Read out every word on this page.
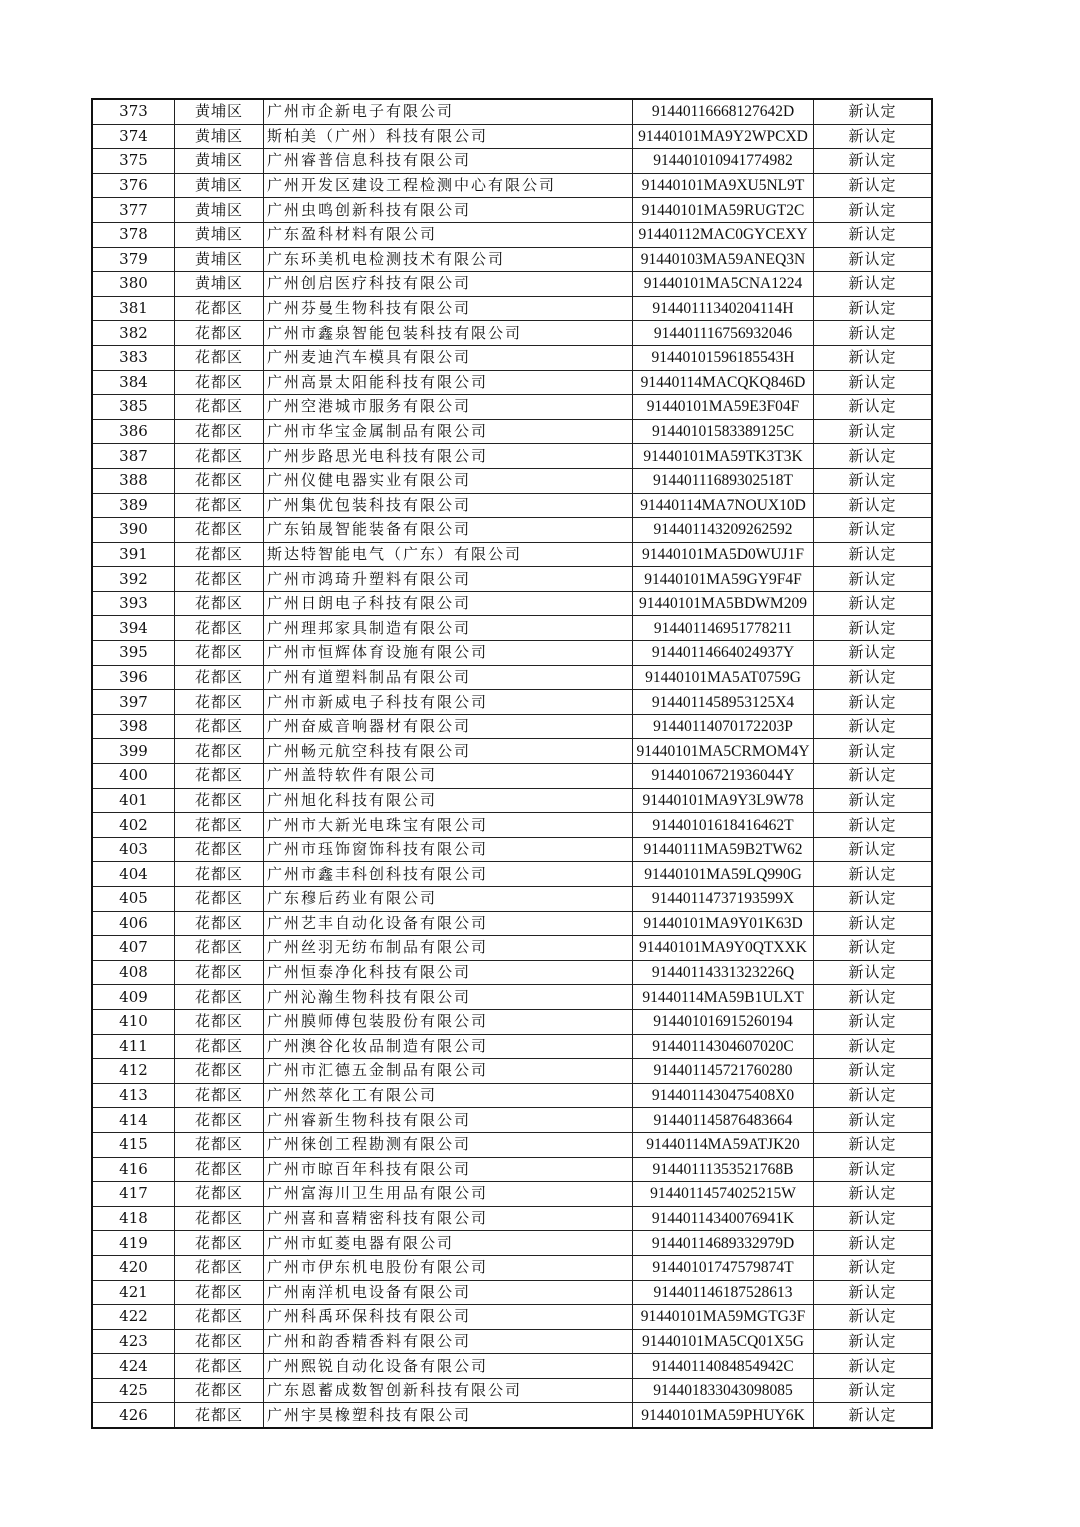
373	黄埔区	广州市企新电子有限公司	91440116668127642D	新认定
374	黄埔区	斯柏美（广州）科技有限公司	91440101MA9Y2WPCXD	新认定
375	黄埔区	广州睿普信息科技有限公司	914401010941774982	新认定
376	黄埔区	广州开发区建设工程检测中心有限公司	91440101MA9XU5NL9T	新认定
377	黄埔区	广州虫鸣创新科技有限公司	91440101MA59RUGT2C	新认定
378	黄埔区	广东盈科材料有限公司	91440112MAC0GYCEXY	新认定
379	黄埔区	广东环美机电检测技术有限公司	91440103MA59ANEQ3N	新认定
380	黄埔区	广州创启医疗科技有限公司	91440101MA5CNA1224	新认定
381	花都区	广州芬曼生物科技有限公司	91440111340204114H	新认定
382	花都区	广州市鑫泉智能包装科技有限公司	914401116756932046	新认定
383	花都区	广州麦迪汽车模具有限公司	91440101596185543H	新认定
384	花都区	广州高景太阳能科技有限公司	91440114MACQKQ846D	新认定
385	花都区	广州空港城市服务有限公司	91440101MA59E3F04F	新认定
386	花都区	广州市华宝金属制品有限公司	91440101583389125C	新认定
387	花都区	广州步路思光电科技有限公司	91440101MA59TK3T3K	新认定
388	花都区	广州仪健电器实业有限公司	91440111689302518T	新认定
389	花都区	广州集优包装科技有限公司	91440114MA7NOUX10D	新认定
390	花都区	广东铂晟智能装备有限公司	914401143209262592	新认定
391	花都区	斯达特智能电气（广东）有限公司	91440101MA5D0WUJ1F	新认定
392	花都区	广州市鸿琦升塑料有限公司	91440101MA59GY9F4F	新认定
393	花都区	广州日朗电子科技有限公司	91440101MA5BDWM209	新认定
394	花都区	广州理邦家具制造有限公司	914401146951778211	新认定
395	花都区	广州市恒辉体育设施有限公司	91440114664024937Y	新认定
396	花都区	广州有道塑料制品有限公司	91440101MA5AT0759G	新认定
397	花都区	广州市新威电子科技有限公司	9144011458953125X4	新认定
398	花都区	广州奋威音响器材有限公司	91440114070172203P	新认定
399	花都区	广州畅元航空科技有限公司	91440101MA5CRMOM4Y	新认定
400	花都区	广州盖特软件有限公司	91440106721936044Y	新认定
401	花都区	广州旭化科技有限公司	91440101MA9Y3L9W78	新认定
402	花都区	广州市大新光电珠宝有限公司	91440101618416462T	新认定
403	花都区	广州市珏饰窗饰科技有限公司	91440111MA59B2TW62	新认定
404	花都区	广州市鑫丰科创科技有限公司	91440101MA59LQ990G	新认定
405	花都区	广东穆后药业有限公司	91440114737193599X	新认定
406	花都区	广州艺丰自动化设备有限公司	91440101MA9Y01K63D	新认定
407	花都区	广州丝羽无纺布制品有限公司	91440101MA9Y0QTXXK	新认定
408	花都区	广州恒泰净化科技有限公司	91440114331323226Q	新认定
409	花都区	广州沁瀚生物科技有限公司	91440114MA59B1ULXT	新认定
410	花都区	广州膜师傅包装股份有限公司	914401016915260194	新认定
411	花都区	广州澳谷化妆品制造有限公司	91440114304607020C	新认定
412	花都区	广州市汇德五金制品有限公司	914401145721760280	新认定
413	花都区	广州然萃化工有限公司	9144011430475408X0	新认定
414	花都区	广州睿新生物科技有限公司	914401145876483664	新认定
415	花都区	广州徕创工程勘测有限公司	91440114MA59ATJK20	新认定
416	花都区	广州市晾百年科技有限公司	91440111353521768B	新认定
417	花都区	广州富海川卫生用品有限公司	91440114574025215W	新认定
418	花都区	广州喜和喜精密科技有限公司	91440114340076941K	新认定
419	花都区	广州市虹菱电器有限公司	91440114689332979D	新认定
420	花都区	广州市伊东机电股份有限公司	91440101747579874T	新认定
421	花都区	广州南洋机电设备有限公司	914401146187528613	新认定
422	花都区	广州科禹环保科技有限公司	91440101MA59MGTG3F	新认定
423	花都区	广州和韵香精香料有限公司	91440101MA5CQ01X5G	新认定
424	花都区	广州熙锐自动化设备有限公司	91440114084854942C	新认定
425	花都区	广东恩蓄成数智创新科技有限公司	914401833043098085	新认定
426	花都区	广州宇昊橡塑科技有限公司	91440101MA59PHUY6K	新认定
